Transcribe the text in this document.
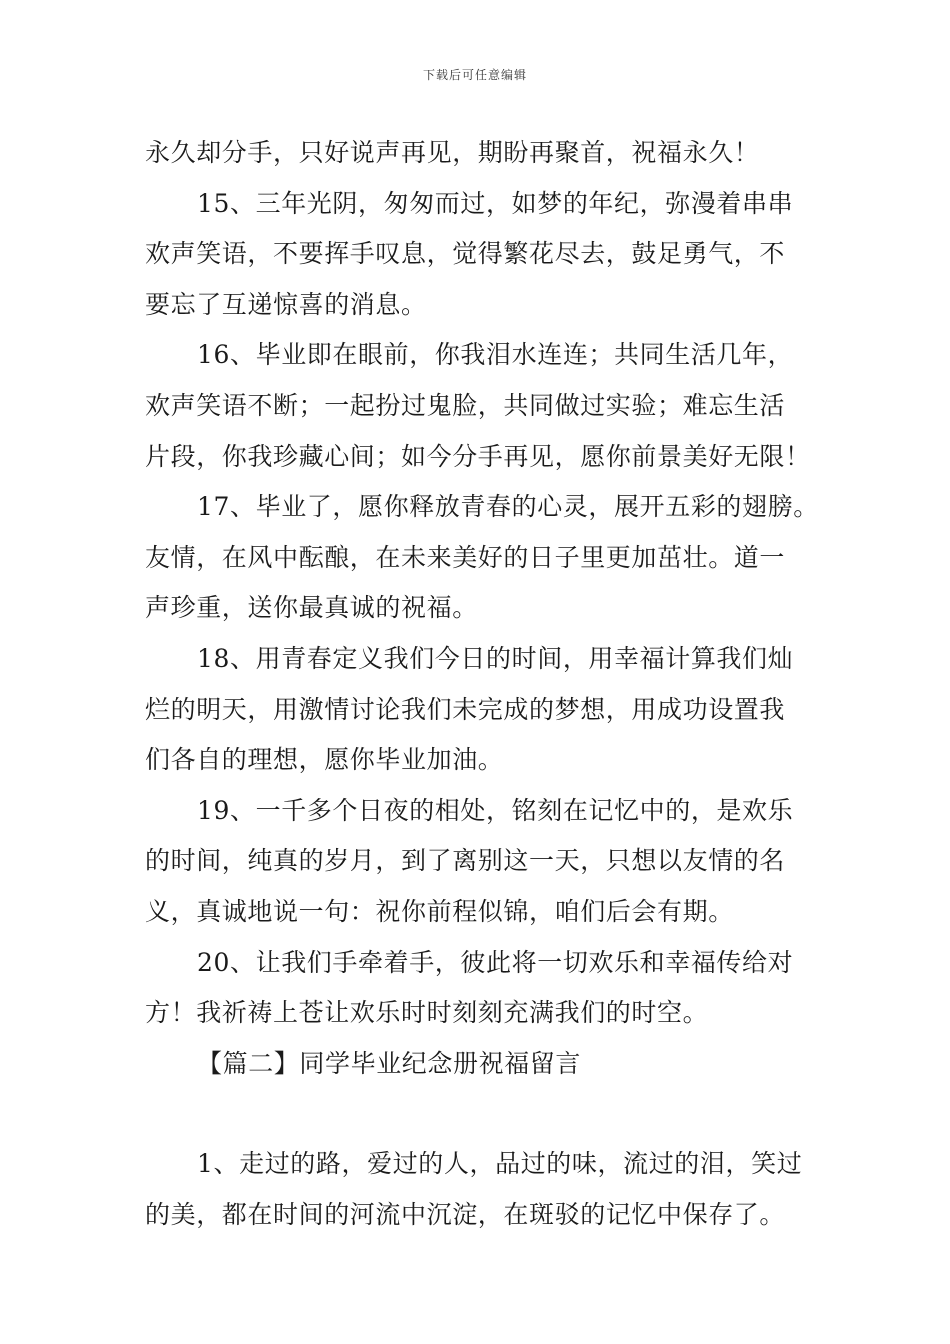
下载后可任意编辑
永久却分手，只好说声再见，期盼再聚首，祝福永久！
15、三年光阴，匆匆而过，如梦的年纪，弥漫着串串
欢声笑语，不要挥手叹息，觉得繁花尽去，鼓足勇气，不
要忘了互递惊喜的消息。
16、毕业即在眼前，你我泪水连连；共同生活几年，
欢声笑语不断；一起扮过鬼脸，共同做过实验；难忘生活
片段，你我珍藏心间；如今分手再见，愿你前景美好无限！
17、毕业了，愿你释放青春的心灵，展开五彩的翅膀。
友情，在风中酝酿，在未来美好的日子里更加茁壮。道一
声珍重，送你最真诚的祝福。
18、用青春定义我们今日的时间，用幸福计算我们灿
烂的明天，用激情讨论我们未完成的梦想，用成功设置我
们各自的理想，愿你毕业加油。
19、一千多个日夜的相处，铭刻在记忆中的，是欢乐
的时间，纯真的岁月，到了离别这一天，只想以友情的名
义，真诚地说一句：祝你前程似锦，咱们后会有期。
20、让我们手牵着手，彼此将一切欢乐和幸福传给对
方！我祈祷上苍让欢乐时时刻刻充满我们的时空。
【篇二】同学毕业纪念册祝福留言
1、走过的路，爱过的人，品过的味，流过的泪，笑过
的美，都在时间的河流中沉淀，在斑驳的记忆中保存了。
